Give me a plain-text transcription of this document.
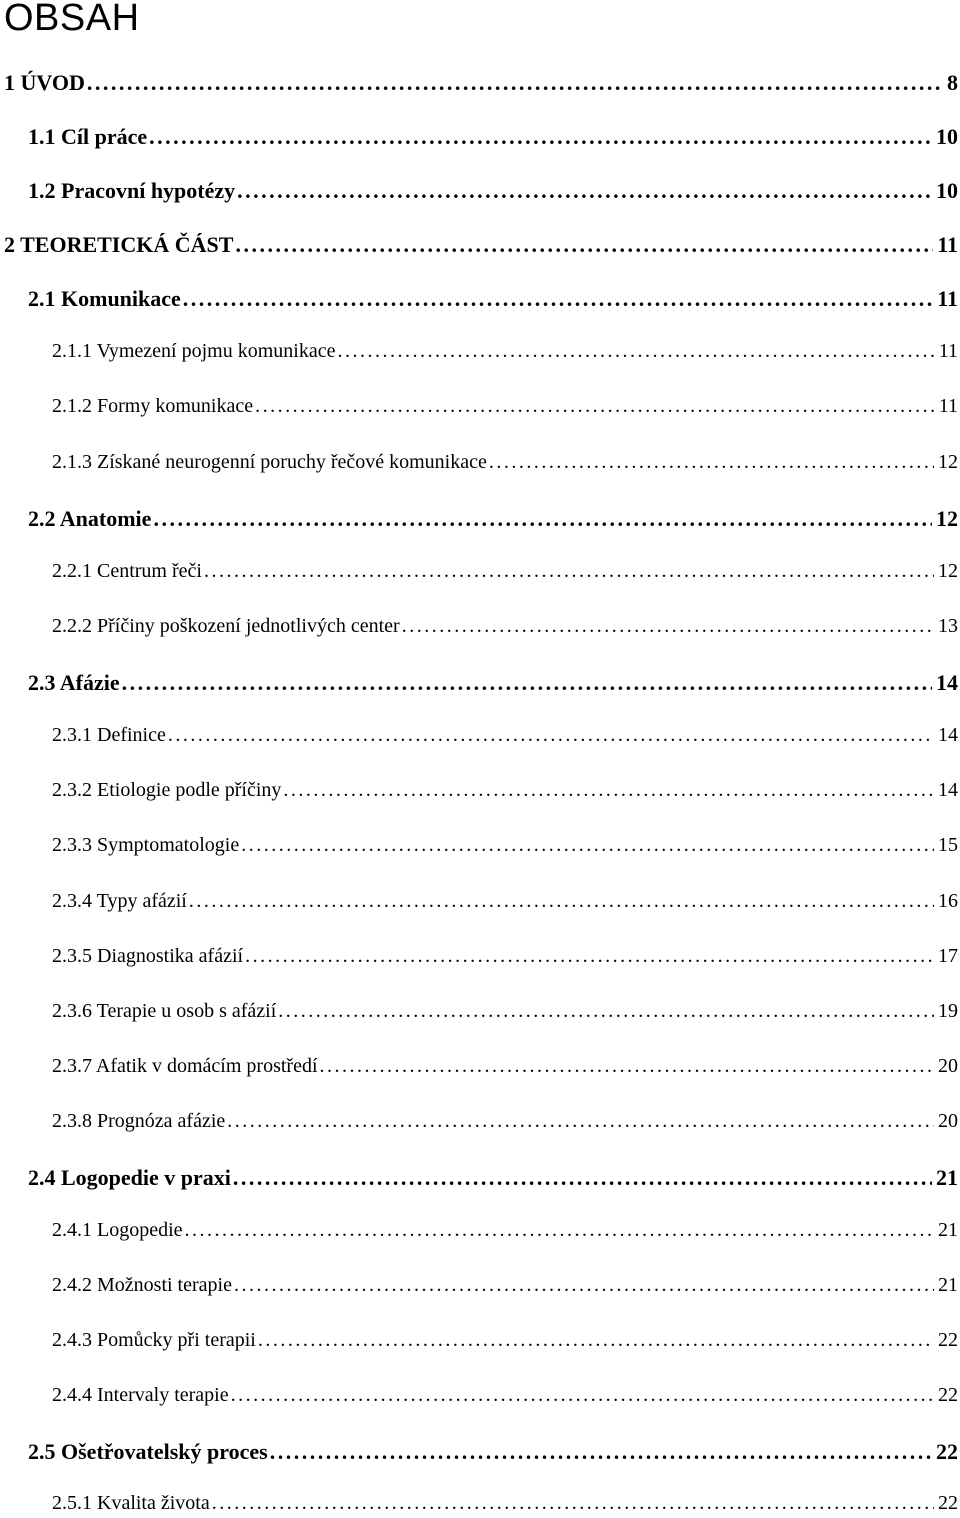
OBSAH
1 ÚVOD .....	8
1.1 Cíl práce .....	10
1.2 Pracovní hypotézy .....	10
2 TEORETICKÁ ČÁST .....	11
2.1 Komunikace .....	11
2.1.1 Vymezení pojmu komunikace .....	11
2.1.2 Formy komunikace .....	11
2.1.3 Získané neurogenní poruchy řečové komunikace .....	12
2.2 Anatomie .....	12
2.2.1 Centrum řeči .....	12
2.2.2 Příčiny poškození jednotlivých center .....	13
2.3 Afázie .....	14
2.3.1 Definice .....	14
2.3.2 Etiologie podle příčiny .....	14
2.3.3 Symptomatologie .....	15
2.3.4 Typy afázií .....	16
2.3.5 Diagnostika afázií .....	17
2.3.6 Terapie u osob s afázií .....	19
2.3.7 Afatik v domácím prostředí .....	20
2.3.8 Prognóza afázie .....	20
2.4 Logopedie v praxi .....	21
2.4.1 Logopedie .....	21
2.4.2 Možnosti terapie .....	21
2.4.3 Pomůcky při terapii .....	22
2.4.4 Intervaly terapie .....	22
2.5 Ošetřovatelský proces .....	22
2.5.1 Kvalita života .....	22
